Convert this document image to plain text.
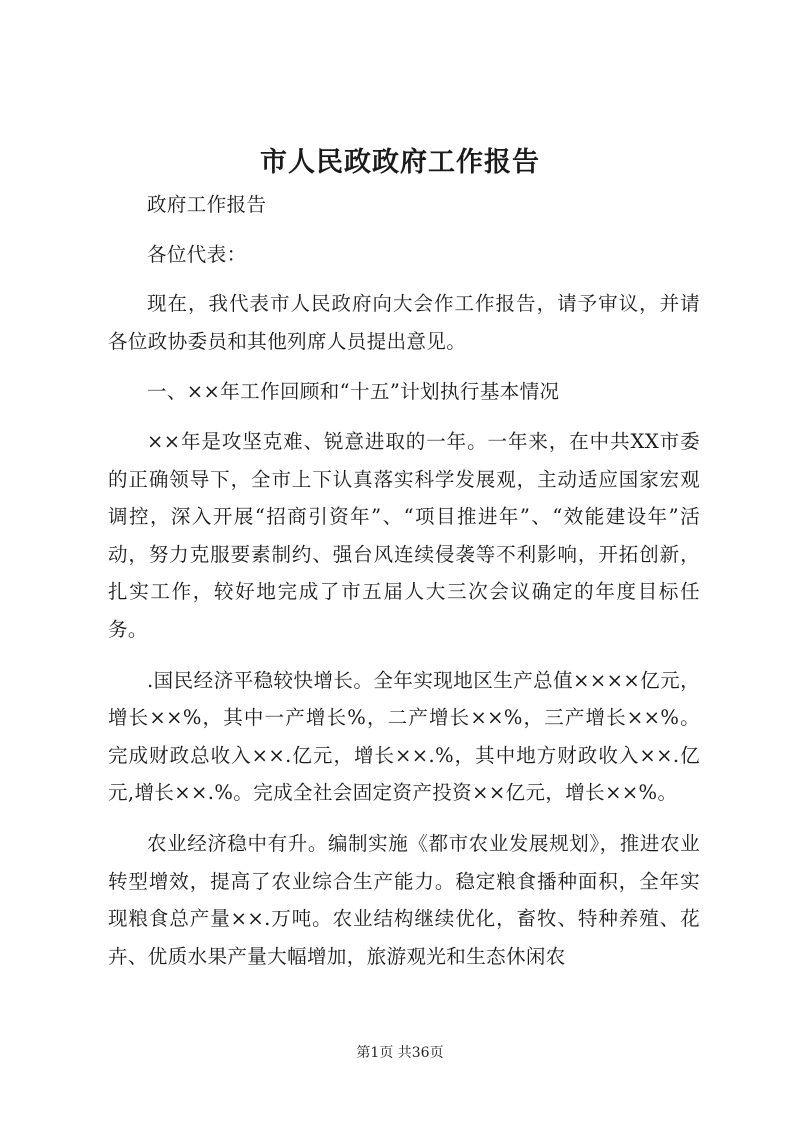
市人民政政府工作报告

政府工作报告

各位代表：

现在，我代表市人民政府向大会作工作报告，请予审议，并请各位政协委员和其他列席人员提出意见。

一、××年工作回顾和“十五”计划执行基本情况

××年是攻坚克难、锐意进取的一年。一年来，在中共XX市委的正确领导下，全市上下认真落实科学发展观，主动适应国家宏观调控，深入开展“招商引资年”、“项目推进年”、“效能建设年”活动，努力克服要素制约、强台风连续侵袭等不利影响，开拓创新，扎实工作，较好地完成了市五届人大三次会议确定的年度目标任务。

.国民经济平稳较快增长。全年实现地区生产总值××××亿元，增长××%，其中一产增长%，二产增长××%，三产增长××%。完成财政总收入××.亿元，增长××.%，其中地方财政收入××.亿元,增长××.%。完成全社会固定资产投资××亿元，增长××%。

农业经济稳中有升。编制实施《都市农业发展规划》，推进农业转型增效，提高了农业综合生产能力。稳定粮食播种面积，全年实现粮食总产量××.万吨。农业结构继续优化，畜牧、特种养殖、花卉、优质水果产量大幅增加，旅游观光和生态休闲农

第1页 共36页
